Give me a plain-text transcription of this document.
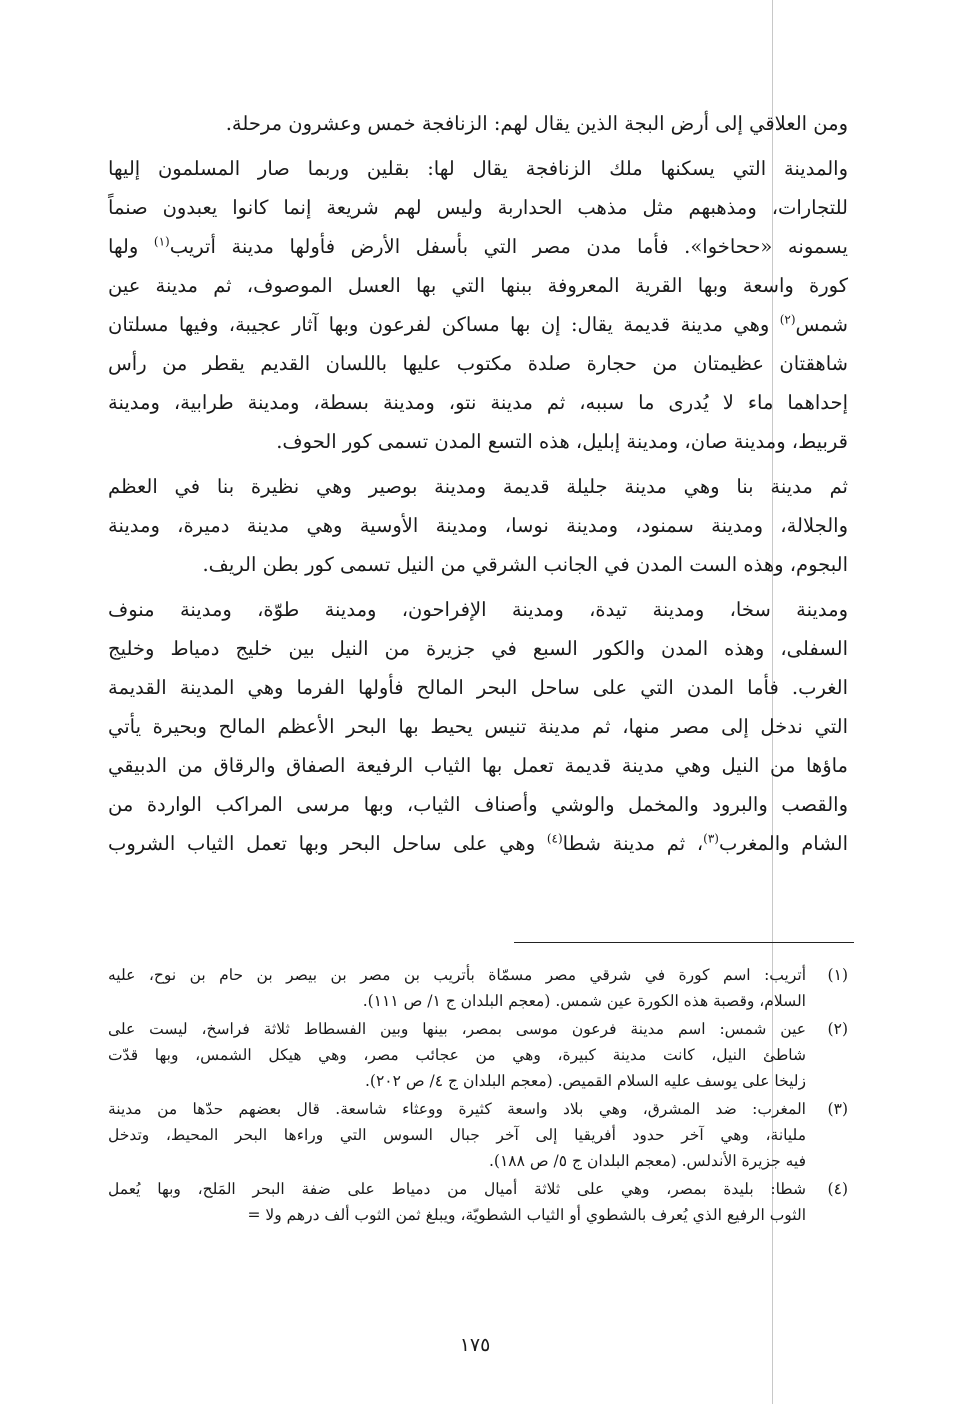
ومن العلاقي إلى أرض البجة الذين يقال لهم: الزنافجة خمس وعشرون مرحلة.

والمدينة التي يسكنها ملك الزنافجة يقال لها: بقلين وربما صار المسلمون إليها
للتجارات، ومذهبهم مثل مذهب الحداربة وليس لهم شريعة إنما كانوا يعبدون صنماً
يسمونه «ححاخوا». فأما مدن مصر التي بأسفل الأرض فأولها مدينة أتريب$^{(١)}$ ولها
كورة واسعة وبها القرية المعروفة ببنها التي بها العسل الموصوف، ثم مدينة عين
شمس$^{(٢)}$ وهي مدينة قديمة يقال: إن بها مساكن لفرعون وبها آثار عجيبة، وفيها مسلتان
شاهقتان عظيمتان من حجارة صلدة مكتوب عليها باللسان القديم يقطر من رأس
إحداهما ماء لا يُدرى ما سببه، ثم مدينة نتو، ومدينة بسطة، ومدينة طرابية، ومدينة
قربيط، ومدينة صان، ومدينة إبليل، هذه التسع المدن تسمى كور الحوف.

ثم مدينة بنا وهي مدينة جليلة قديمة ومدينة بوصير وهي نظيرة بنا في العظم
والجلالة، ومدينة سمنود، ومدينة نوسا، ومدينة الأوسية وهي مدينة دميرة، ومدينة
البجوم، وهذه الست المدن في الجانب الشرقي من النيل تسمى كور بطن الريف.

ومدينة سخا، ومدينة تيدة، ومدينة الإفراحون، ومدينة طوّة، ومدينة منوف
السفلى، وهذه المدن والكور السبع في جزيرة من النيل بين خليج دمياط وخليج
الغرب. فأما المدن التي على ساحل البحر المالح فأولها الفرما وهي المدينة القديمة
التي ندخل إلى مصر منها، ثم مدينة تنيس يحيط بها البحر الأعظم المالح وبحيرة يأتي
ماؤها من النيل وهي مدينة قديمة تعمل بها الثياب الرفيعة الصفاق والرقاق من الدبيقي
والقصب والبرود والمخمل والوشي وأصناف الثياب، وبها مرسى المراكب الواردة من
الشام والمغرب$^{(٣)}$، ثم مدينة شطا$^{(٤)}$ وهي على ساحل البحر وبها تعمل الثياب الشروب

(١)
أتريب: اسم كورة في شرقي مصر مسمّاة بأتريب بن مصر بن بيصر بن حام بن نوح، عليه
السلام، وقصبة هذه الكورة عين شمس. (معجم البلدان ج ١/ ص ١١١).
(٢)
عين شمس: اسم مدينة فرعون موسى بمصر، بينها وبين الفسطاط ثلاثة فراسخ، ليست على
شاطئ النيل، كانت مدينة كبيرة، وهي من عجائب مصر، وهي هيكل الشمس، وبها قدّت
زليخا على يوسف عليه السلام القميص. (معجم البلدان ج ٤/ ص ٢٠٢).
(٣)
المغرب: ضد المشرق، وهي بلاد واسعة كثيرة ووعثاء شاسعة. قال بعضهم حدّها من مدينة
مليانة، وهي آخر حدود أفريقيا إلى آخر جبال السوس التي وراءها البحر المحيط، وتدخل
فيه جزيرة الأندلس. (معجم البلدان ج ٥/ ص ١٨٨).
(٤)
شطا: بليدة بمصر، وهي على ثلاثة أميال من دمياط على ضفة البحر المَلح، وبها يُعمل
الثوب الرفيع الذي يُعرف بالشطوي أو الثياب الشطويّة، ويبلغ ثمن الثوب ألف درهم ولا =
١٧٥
